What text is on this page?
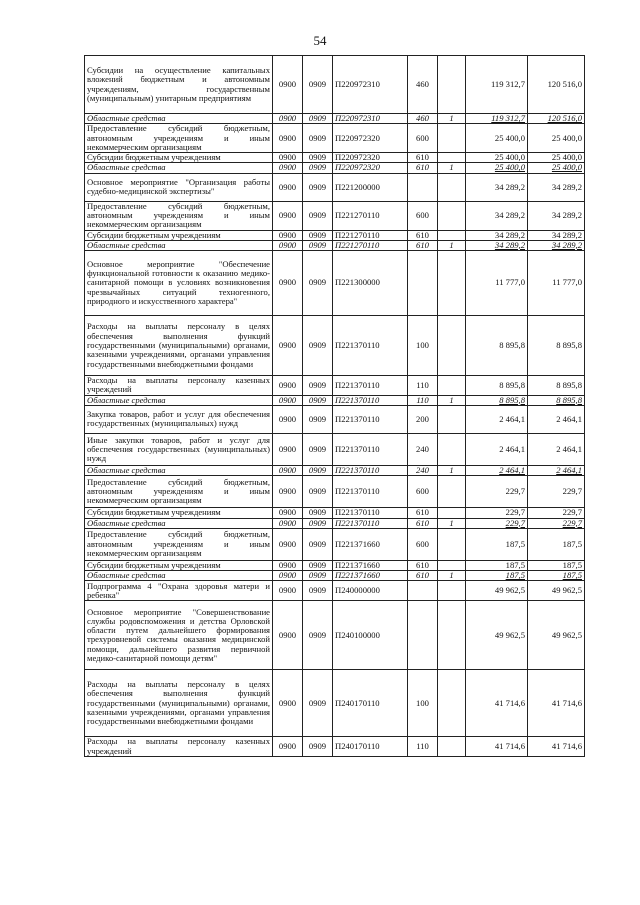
54
Субсидии на осуществление капитальных вложений бюджетным и автономным учреждениям, государственным (муниципальным) унитарным предприятиям	0900	0909	П220972310	460		119 312,7	120 516,0
Областные средства	0900	0909	П220972310	460	1	119 312,7	120 516,0
Предоставление субсидий бюджетным, автономным учреждениям и иным некоммерческим организациям	0900	0909	П220972320	600		25 400,0	25 400,0
Субсидии бюджетным учреждениям	0900	0909	П220972320	610		25 400,0	25 400,0
Областные средства	0900	0909	П220972320	610	1	25 400,0	25 400,0
Основное мероприятие "Организация работы судебно-медицинской экспертизы"	0900	0909	П221200000			34 289,2	34 289,2
Предоставление субсидий бюджетным, автономным учреждениям и иным некоммерческим организациям	0900	0909	П221270110	600		34 289,2	34 289,2
Субсидии бюджетным учреждениям	0900	0909	П221270110	610		34 289,2	34 289,2
Областные средства	0900	0909	П221270110	610	1	34 289,2	34 289,2
Основное мероприятие "Обеспечение функциональной готовности к оказанию медико-санитарной помощи в условиях возникновения чрезвычайных ситуаций техногенного, природного и искусственного характера"	0900	0909	П221300000			11 777,0	11 777,0
Расходы на выплаты персоналу в целях обеспечения выполнения функций государственными (муниципальными) органами, казенными учреждениями, органами управления государственными внебюджетными фондами	0900	0909	П221370110	100		8 895,8	8 895,8
Расходы на выплаты персоналу казенных учреждений	0900	0909	П221370110	110		8 895,8	8 895,8
Областные средства	0900	0909	П221370110	110	1	8 895,8	8 895,8
Закупка товаров, работ и услуг для обеспечения государственных (муниципальных) нужд	0900	0909	П221370110	200		2 464,1	2 464,1
Иные закупки товаров, работ и услуг для обеспечения государственных (муниципальных) нужд	0900	0909	П221370110	240		2 464,1	2 464,1
Областные средства	0900	0909	П221370110	240	1	2 464,1	2 464,1
Предоставление субсидий бюджетным, автономным учреждениям и иным некоммерческим организациям	0900	0909	П221370110	600		229,7	229,7
Субсидии бюджетным учреждениям	0900	0909	П221370110	610		229,7	229,7
Областные средства	0900	0909	П221370110	610	1	229,7	229,7
Предоставление субсидий бюджетным, автономным учреждениям и иным некоммерческим организациям	0900	0909	П221371660	600		187,5	187,5
Субсидии бюджетным учреждениям	0900	0909	П221371660	610		187,5	187,5
Областные средства	0900	0909	П221371660	610	1	187,5	187,5
Подпрограмма 4 "Охрана здоровья матери и ребенка"	0900	0909	П240000000			49 962,5	49 962,5
Основное мероприятие "Совершенствование службы родовспоможения и детства Орловской области путем дальнейшего формирования трехуровневой системы оказания медицинской помощи, дальнейшего развития первичной медико-санитарной помощи детям"	0900	0909	П240100000			49 962,5	49 962,5
Расходы на выплаты персоналу в целях обеспечения выполнения функций государственными (муниципальными) органами, казенными учреждениями, органами управления государственными внебюджетными фондами	0900	0909	П240170110	100		41 714,6	41 714,6
Расходы на выплаты персоналу казенных учреждений	0900	0909	П240170110	110		41 714,6	41 714,6
